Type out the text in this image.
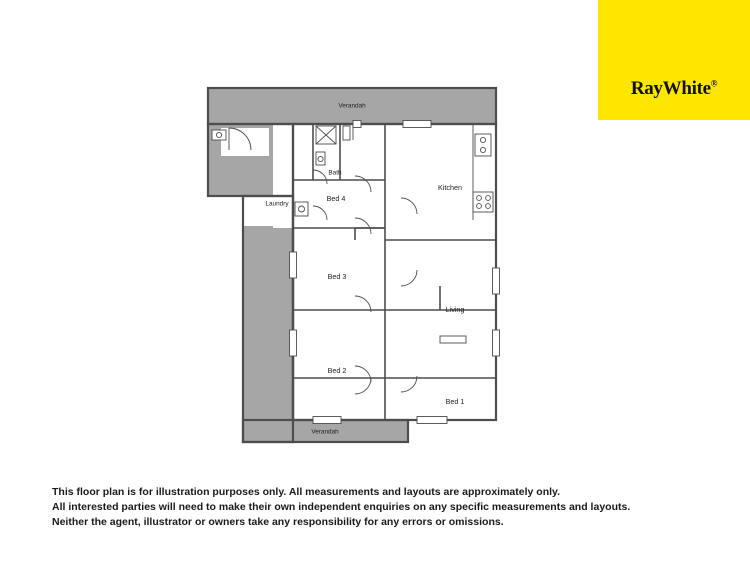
RayWhite®
Verandah
Bath
Laundry
Bed 4
Kitchen
Bed 3
Living
Bed 2
Bed 1
Verandah
This floor plan is for illustration purposes only. All measurements and layouts are approximately only.
All interested parties will need to make their own independent enquiries on any specific measurements and layouts.
Neither the agent, illustrator or owners take any responsibility for any errors or omissions.
